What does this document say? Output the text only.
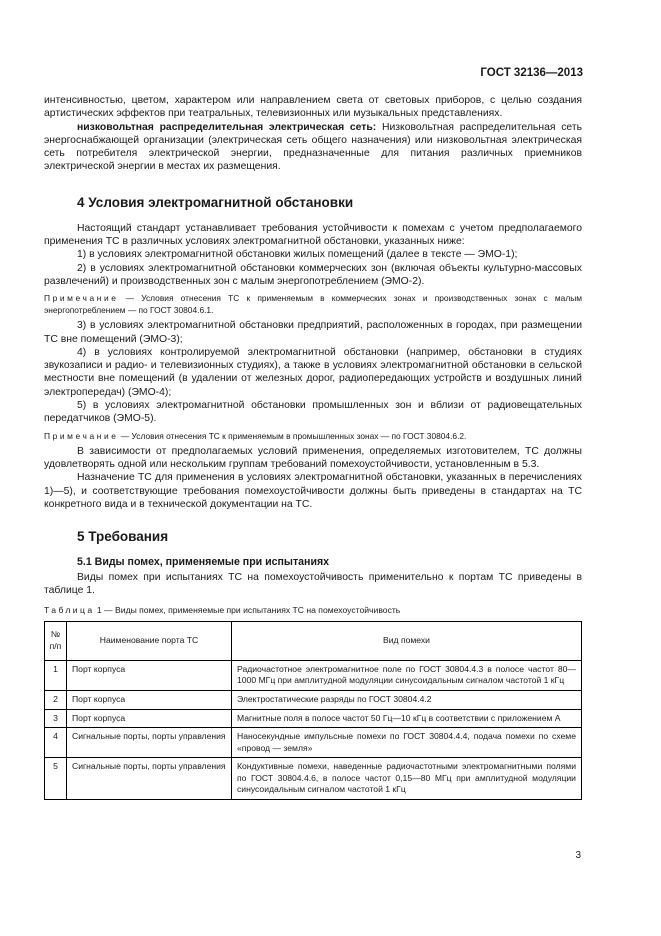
ГОСТ 32136—2013

интенсивностью, цветом, характером или направлением света от световых приборов, с целью создания артистических эффектов при театральных, телевизионных или музыкальных представлениях.

низковольтная распределительная электрическая сеть: Низковольтная распределительная сеть энергоснабжающей организации (электрическая сеть общего назначения) или низковольтная электрическая сеть потребителя электрической энергии, предназначенные для питания различных приемников электрической энергии в местах их размещения.

4 Условия электромагнитной обстановки

Настоящий стандарт устанавливает требования устойчивости к помехам с учетом предполагаемого применения ТС в различных условиях электромагнитной обстановки, указанных ниже:

1) в условиях электромагнитной обстановки жилых помещений (далее в тексте — ЭМО-1);

2) в условиях электромагнитной обстановки коммерческих зон (включая объекты культурно-массовых развлечений) и производственных зон с малым энергопотреблением (ЭМО-2).

Примечание — Условия отнесения ТС к применяемым в коммерческих зонах и производственных зонах с малым энергопотреблением — по ГОСТ 30804.6.1.

3) в условиях электромагнитной обстановки предприятий, расположенных в городах, при размещении ТС вне помещений (ЭМО-3);

4) в условиях контролируемой электромагнитной обстановки (например, обстановки в студиях звукозаписи и радио- и телевизионных студиях), а также в условиях электромагнитной обстановки в сельской местности вне помещений (в удалении от железных дорог, радиопередающих устройств и воздушных линий электропередач) (ЭМО-4);

5) в условиях электромагнитной обстановки промышленных зон и вблизи от радиовещательных передатчиков (ЭМО-5).

Примечание — Условия отнесения ТС к применяемым в промышленных зонах — по ГОСТ 30804.6.2.

В зависимости от предполагаемых условий применения, определяемых изготовителем, ТС должны удовлетворять одной или нескольким группам требований помехоустойчивости, установленным в 5.3.

Назначение ТС для применения в условиях электромагнитной обстановки, указанных в перечислениях 1)—5), и соответствующие требования помехоустойчивости должны быть приведены в стандартах на ТС конкретного вида и в технической документации на ТС.

5 Требования
5.1 Виды помех, применяемые при испытаниях

Виды помех при испытаниях ТС на помехоустойчивость применительно к портам ТС приведены в таблице 1.

Таблица 1 — Виды помех, применяемые при испытаниях ТС на помехоустойчивость
№ п/п	Наименование порта ТС	Вид помехи
1	Порт корпуса	Радиочастотное электромагнитное поле по ГОСТ 30804.4.3 в полосе частот 80—1000 МГц при амплитудной модуляции синусоидальным сигналом частотой 1 кГц
2	Порт корпуса	Электростатические разряды по ГОСТ 30804.4.2
3	Порт корпуса	Магнитные поля в полосе частот 50 Гц—10 кГц в соответствии с приложением А
4	Сигнальные порты, порты управления	Наносекундные импульсные помехи по ГОСТ 30804.4.4, подача помехи по схеме «провод — земля»
5	Сигнальные порты, порты управления	Кондуктивные помехи, наведенные радиочастотными электромагнитными полями по ГОСТ 30804.4.6, в полосе частот 0,15—80 МГц при амплитудной модуляции синусоидальным сигналом частотой 1 кГц
3
